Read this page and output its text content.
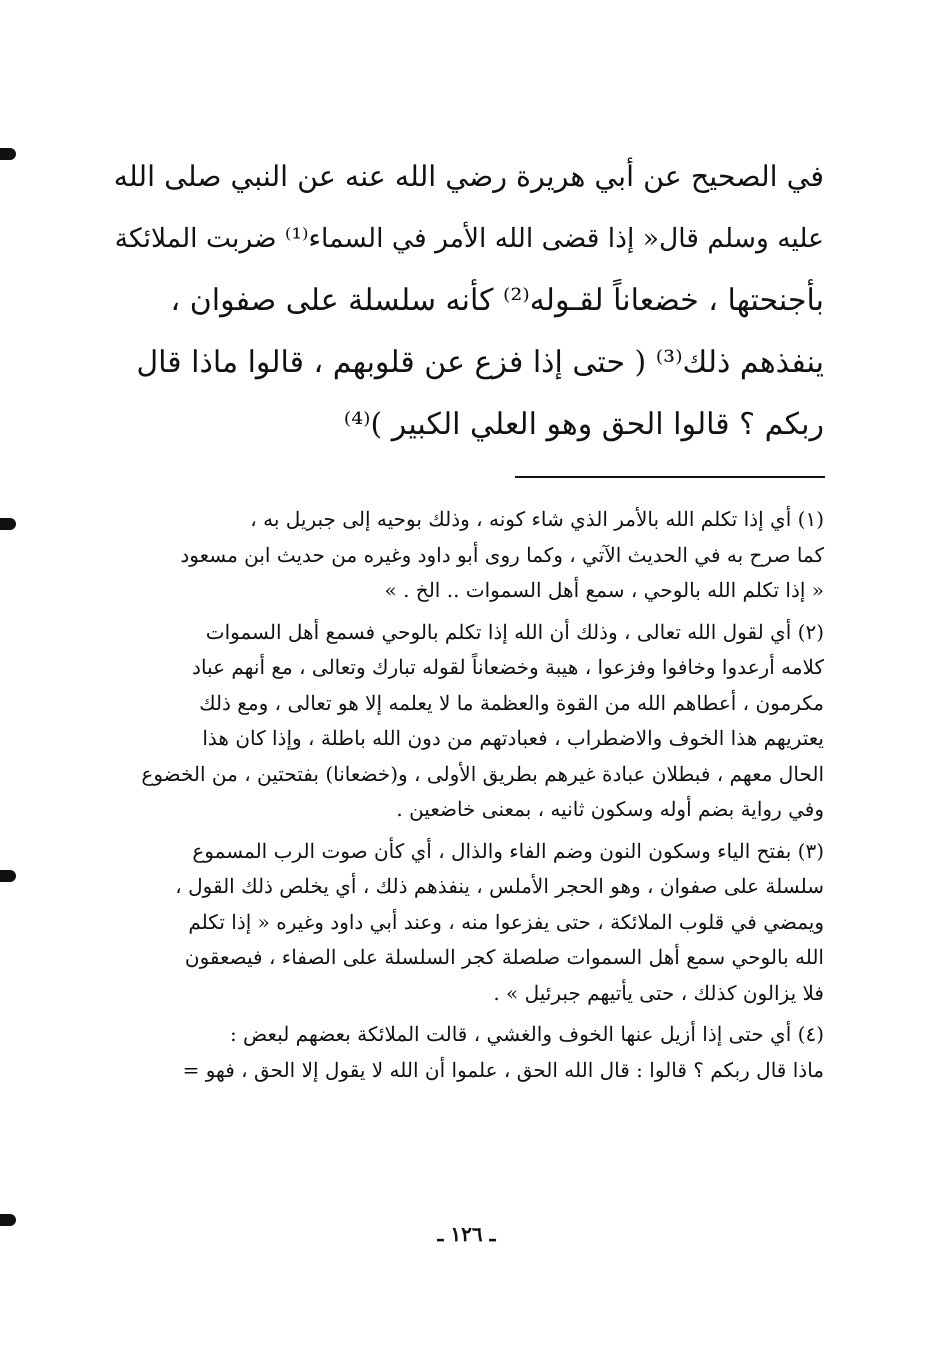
في الصحيح عن أبي هريرة رضي الله عنه عن النبي صلى الله
عليه وسلم قال« إذا قضى الله الأمر في السماء⁽¹⁾ ضربت الملائكة
بأجنحتها ، خضعاناً لقـوله⁽²⁾ كأنه سلسلة على صفوان ،
ينفذهم ذلك⁽³⁾ ( حتى إذا فزع عن قلوبهم ، قالوا ماذا قال
ربكم ؟ قالوا الحق وهو العلي الكبير )⁽⁴⁾
(١) أي إذا تكلم الله بالأمر الذي شاء كونه ، وذلك بوحيه إلى جبريل به ،
كما صرح به في الحديث الآتي ، وكما روى أبو داود وغيره من حديث ابن مسعود
« إذا تكلم الله بالوحي ، سمع أهل السموات .. الخ . »
(٢) أي لقول الله تعالى ، وذلك أن الله إذا تكلم بالوحي فسمع أهل السموات
كلامه أرعدوا وخافوا وفزعوا ، هيبة وخضعاناً لقوله تبارك وتعالى ، مع أنهم عباد
مكرمون ، أعطاهم الله من القوة والعظمة ما لا يعلمه إلا هو تعالى ، ومع ذلك
يعتريهم هذا الخوف والاضطراب ، فعبادتهم من دون الله باطلة ، وإذا كان هذا
الحال معهم ، فبطلان عبادة غيرهم بطريق الأولى ، و(خضعانا) بفتحتين ، من الخضوع
وفي رواية بضم أوله وسكون ثانيه ، بمعنى خاضعين .
(٣) بفتح الياء وسكون النون وضم الفاء والذال ، أي كأن صوت الرب المسموع
سلسلة على صفوان ، وهو الحجر الأملس ، ينفذهم ذلك ، أي يخلص ذلك القول ،
ويمضي في قلوب الملائكة ، حتى يفزعوا منه ، وعند أبي داود وغيره « إذا تكلم
الله بالوحي سمع أهل السموات صلصلة كجر السلسلة على الصفاء ، فيصعقون
فلا يزالون كذلك ، حتى يأتيهم جبرئيل » .
(٤) أي حتى إذا أزيل عنها الخوف والغشي ، قالت الملائكة بعضهم لبعض :
ماذا قال ربكم ؟ قالوا : قال الله الحق ، علموا أن الله لا يقول إلا الحق ، فهو =
ـ ١٢٦ ـ
